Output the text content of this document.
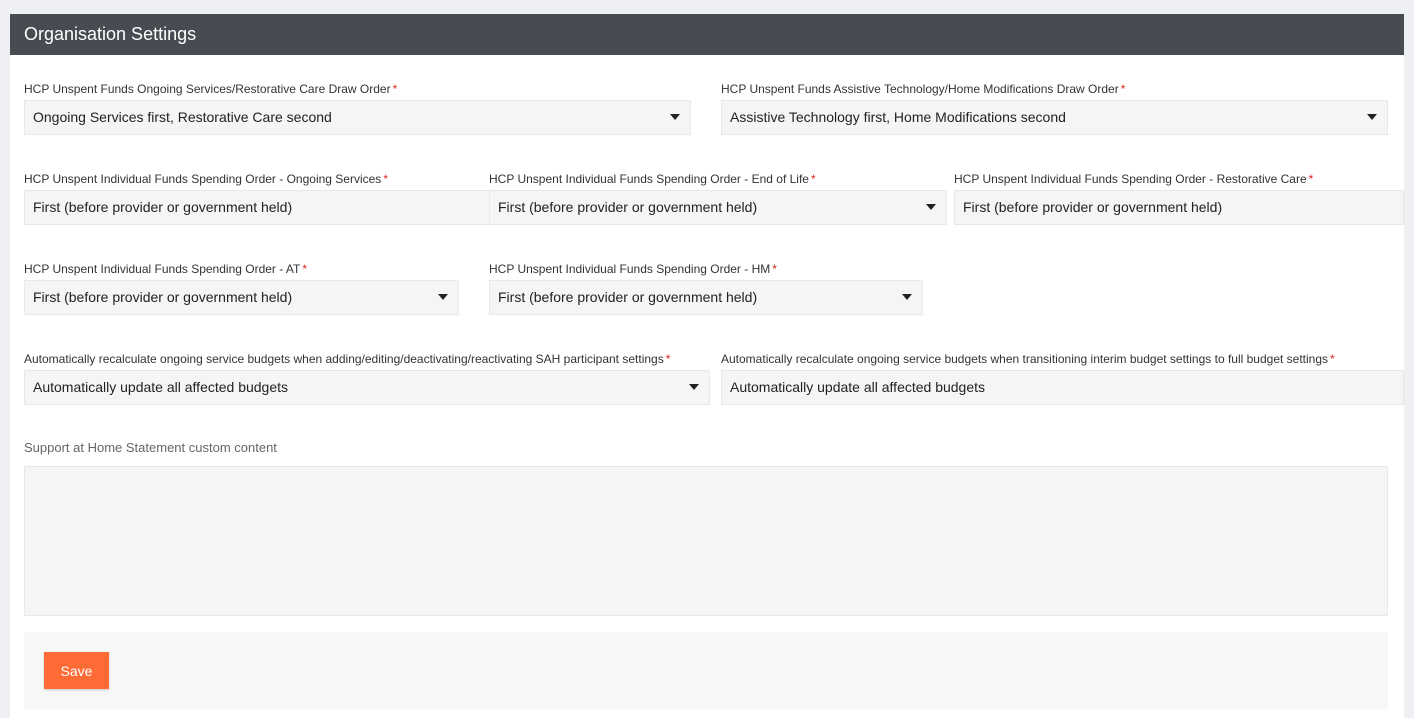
Organisation Settings
HCP Unspent Funds Ongoing Services/Restorative Care Draw Order *
Ongoing Services first, Restorative Care second
HCP Unspent Funds Assistive Technology/Home Modifications Draw Order *
Assistive Technology first, Home Modifications second
HCP Unspent Individual Funds Spending Order - Ongoing Services *
First (before provider or government held)
HCP Unspent Individual Funds Spending Order - End of Life *
First (before provider or government held)
HCP Unspent Individual Funds Spending Order - Restorative Care *
First (before provider or government held)
HCP Unspent Individual Funds Spending Order - AT *
First (before provider or government held)
HCP Unspent Individual Funds Spending Order - HM *
First (before provider or government held)
Automatically recalculate ongoing service budgets when adding/editing/deactivating/reactivating SAH participant settings *
Automatically update all affected budgets
Automatically recalculate ongoing service budgets when transitioning interim budget settings to full budget settings *
Automatically update all affected budgets
Support at Home Statement custom content
Save
